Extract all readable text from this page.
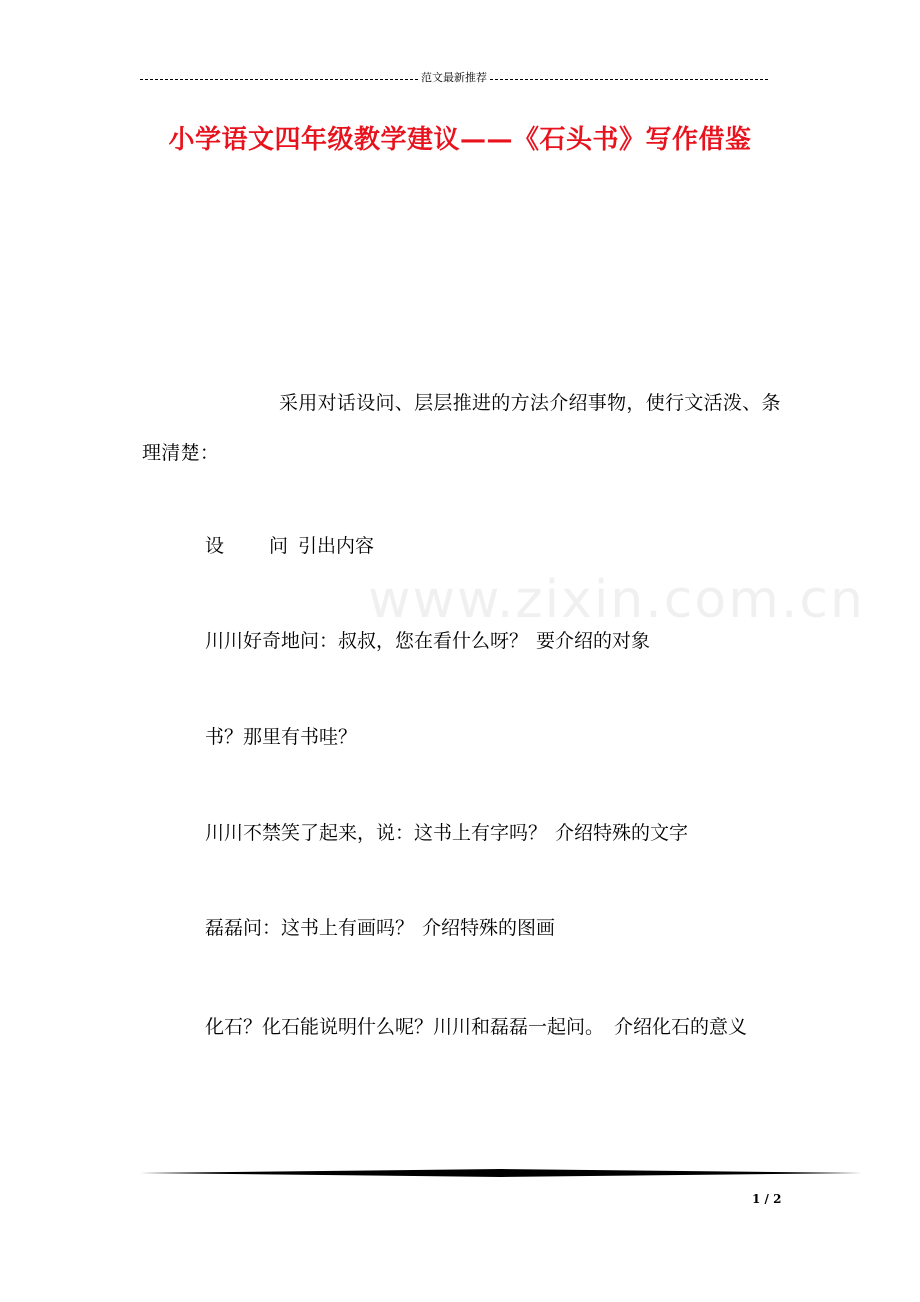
范文最新推荐
小学语文四年级教学建议——《石头书》写作借鉴
www.zixin.com.cn
采用对话设问、层层推进的方法介绍事物，使行文活泼、条理清楚：
设 问 引出内容
川川好奇地问：叔叔，您在看什么呀？ 要介绍的对象
书？那里有书哇？
川川不禁笑了起来，说：这书上有字吗？ 介绍特殊的文字
磊磊问：这书上有画吗？ 介绍特殊的图画
化石？化石能说明什么呢？川川和磊磊一起问。 介绍化石的意义
1 / 2
